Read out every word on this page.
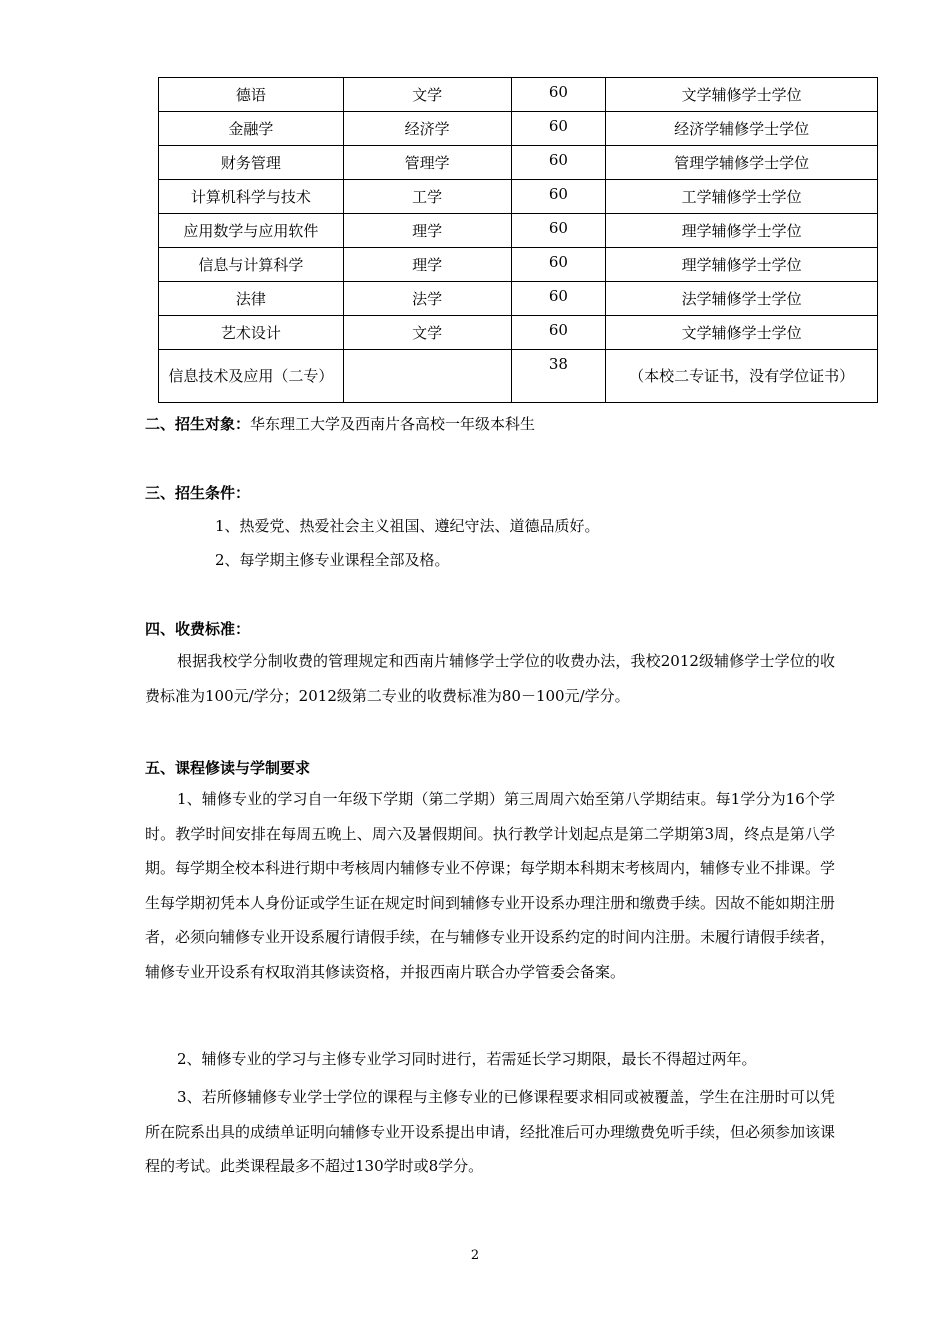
德语	文学	60	文学辅修学士学位
金融学	经济学	60	经济学辅修学士学位
财务管理	管理学	60	管理学辅修学士学位
计算机科学与技术	工学	60	工学辅修学士学位
应用数学与应用软件	理学	60	理学辅修学士学位
信息与计算科学	理学	60	理学辅修学士学位
法律	法学	60	法学辅修学士学位
艺术设计	文学	60	文学辅修学士学位
信息技术及应用（二专）		38	（本校二专证书，没有学位证书）
二、招生对象：华东理工大学及西南片各高校一年级本科生
三、招生条件：
1、热爱党、热爱社会主义祖国、遵纪守法、道德品质好。
2、每学期主修专业课程全部及格。
四、收费标准：

根据我校学分制收费的管理规定和西南片辅修学士学位的收费办法，我校2012级辅修学士学位的收费标准为100元/学分；2012级第二专业的收费标准为80－100元/学分。

五、课程修读与学制要求

1、辅修专业的学习自一年级下学期（第二学期）第三周周六始至第八学期结束。每1学分为16个学时。教学时间安排在每周五晚上、周六及暑假期间。执行教学计划起点是第二学期第3周，终点是第八学期。每学期全校本科进行期中考核周内辅修专业不停课；每学期本科期末考核周内，辅修专业不排课。学生每学期初凭本人身份证或学生证在规定时间到辅修专业开设系办理注册和缴费手续。因故不能如期注册者，必须向辅修专业开设系履行请假手续，在与辅修专业开设系约定的时间内注册。未履行请假手续者，辅修专业开设系有权取消其修读资格，并报西南片联合办学管委会备案。

2、辅修专业的学习与主修专业学习同时进行，若需延长学习期限，最长不得超过两年。

3、若所修辅修专业学士学位的课程与主修专业的已修课程要求相同或被覆盖，学生在注册时可以凭所在院系出具的成绩单证明向辅修专业开设系提出申请，经批准后可办理缴费免听手续，但必须参加该课程的考试。此类课程最多不超过130学时或8学分。

2
